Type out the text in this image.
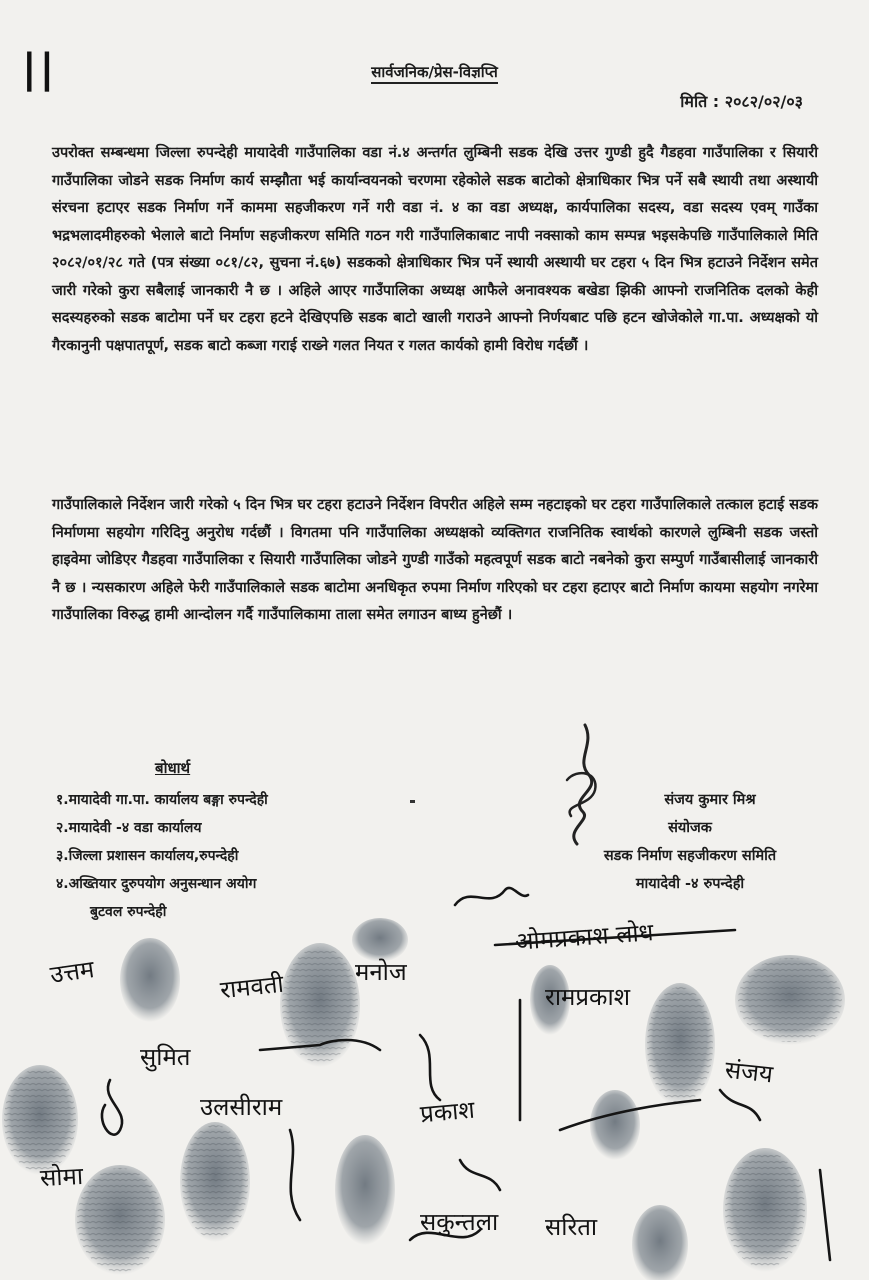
||	सार्वजनिक/प्रेस-विज्ञप्ति
मिति : २०८२/०२/०३
उपरोक्त सम्बन्धमा जिल्ला रुपन्देही मायादेवी गाउँपालिका वडा नं.४ अन्तर्गत लुम्बिनी सडक देखि उत्तर गुण्डी हुदै गैडहवा गाउँपालिका र सियारी गाउँपालिका जोडने सडक निर्माण कार्य सम्झौता भई कार्यान्वयनको चरणमा रहेकोले सडक बाटोको क्षेत्राधिकार भित्र पर्ने सबै स्थायी तथा अस्थायी संरचना हटाएर सडक निर्माण गर्ने काममा सहजीकरण गर्ने गरी वडा नं. ४ का वडा अध्यक्ष, कार्यपालिका सदस्य, वडा सदस्य एवम् गाउँका भद्रभलादमीहरुको भेलाले बाटो निर्माण सहजीकरण समिति गठन गरी गाउँपालिकाबाट नापी नक्साको काम सम्पन्न भइसकेपछि गाउँपालिकाले मिति २०८२/०१/२८ गते (पत्र संख्या ०८१/८२, सुचना नं.६७) सडकको क्षेत्राधिकार भित्र पर्ने स्थायी अस्थायी घर टहरा ५ दिन भित्र हटाउने निर्देशन समेत जारी गरेको कुरा सबैलाई जानकारी नै छ । अहिले आएर गाउँपालिका अध्यक्ष आफैले अनावश्यक बखेडा झिकी आफ्नो राजनितिक दलको केही सदस्यहरुको सडक बाटोमा पर्ने घर टहरा हटने देखिएपछि सडक बाटो खाली गराउने आफ्नो निर्णयबाट पछि हटन खोजेकोले गा.पा. अध्यक्षको यो गैरकानुनी पक्षपातपूर्ण, सडक बाटो कब्जा गराई राख्ने गलत नियत र गलत कार्यको हामी विरोध गर्दछौं ।
गाउँपालिकाले निर्देशन जारी गरेको ५ दिन भित्र घर टहरा हटाउने निर्देशन विपरीत अहिले सम्म नहटाइको घर टहरा गाउँपालिकाले तत्काल हटाई सडक निर्माणमा सहयोग गरिदिनु अनुरोध गर्दछौं । विगतमा पनि गाउँपालिका अध्यक्षको व्यक्तिगत राजनितिक स्वार्थको कारणले लुम्बिनी सडक जस्तो हाइवेमा जोडिएर गैडहवा गाउँपालिका र सियारी गाउँपालिका जोडने गुण्डी गाउँको महत्वपूर्ण सडक बाटो नबनेको कुरा सम्पुर्ण गाउँबासीलाई जानकारी नै छ । न्यसकारण अहिले फेरी गाउँपालिकाले सडक बाटोमा अनधिकृत रुपमा निर्माण गरिएको घर टहरा हटाएर बाटो निर्माण कायमा सहयोग नगरेमा गाउँपालिका विरुद्ध हामी आन्दोलन गर्दै गाउँपालिकामा ताला समेत लगाउन बाध्य हुनेछौं ।
बोधार्थ
१.मायादेवी गा.पा. कार्यालय बङ्गा रुपन्देही
२.मायादेवी -४ वडा कार्यालय
३.जिल्ला प्रशासन कार्यालय,रुपन्देही
४.अख्तियार दुरुपयोग अनुसन्धान अयोग
बुटवल रुपन्देही
संजय कुमार मिश्र
संयोजक
सडक निर्माण सहजीकरण समिति
मायादेवी -४ रुपन्देही
ओमप्रकाश लोध
मनोज
उत्तम
रामप्रकाश
उलसीराम	प्रकाश
सुमित
सकुन्तला सरिता
संजय
सोमा
रामवती
